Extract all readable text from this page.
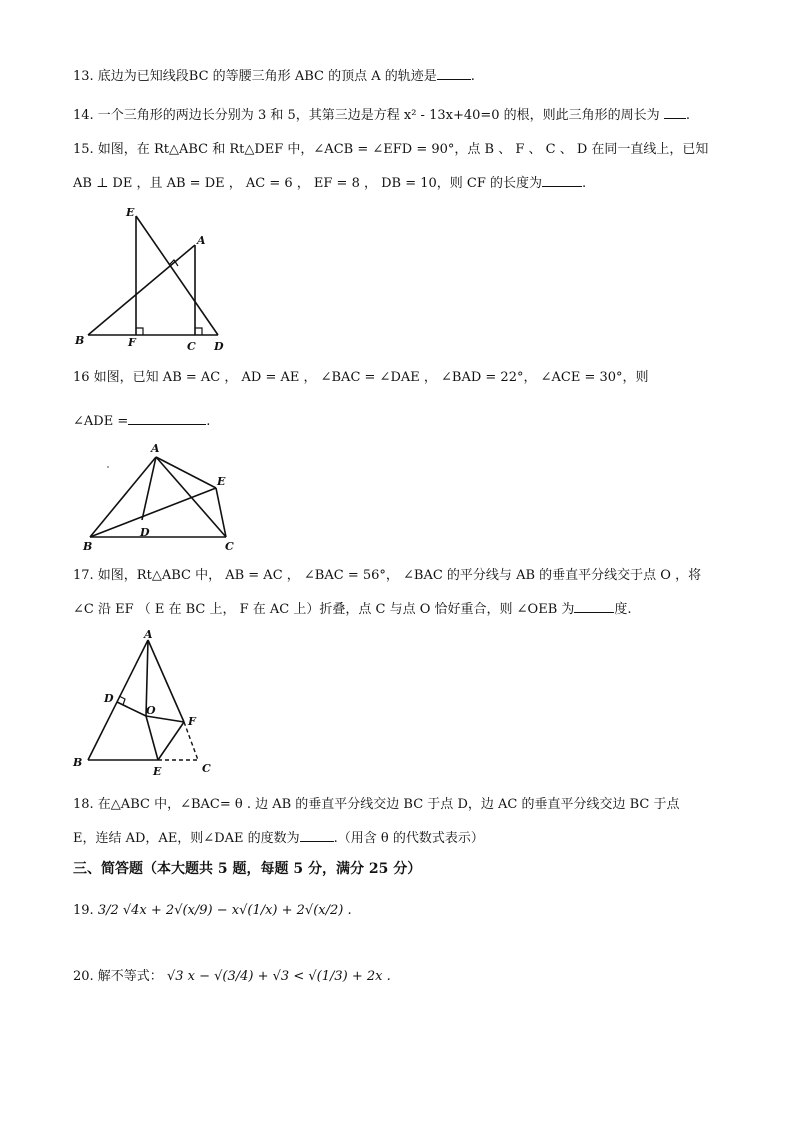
13. 底边为已知线段BC 的等腰三角形 ABC 的顶点 A 的轨迹是	.
14. 一个三角形的两边长分别为 3 和 5，其第三边是方程 x² - 13x+40=0 的根，则此三角形的周长为 .
15. 如图，在 Rt△ABC 和 Rt△DEF 中，∠ACB = ∠EFD = 90°，点 B 、 F 、 C 、 D 在同一直线上，已知
AB ⊥ DE ，且 AB = DE ， AC = 6 ， EF = 8 ， DB = 10，则 CF 的长度为	.
E
A
B	F	C D
16 如图，已知 AB = AC ， AD = AE ， ∠BAC = ∠DAE ， ∠BAD = 22°， ∠ACE = 30°，则
∠ADE =	.
A
E
D
B	C
17. 如图，Rt△ABC 中， AB = AC ， ∠BAC = 56°， ∠BAC 的平分线与 AB 的垂直平分线交于点 O ，将
∠C 沿 EF （ E 在 BC 上， F 在 AC 上）折叠，点 C 与点 O 恰好重合，则 ∠OEB 为	度.
A
D
O
F
B
E	C
18. 在△ABC 中，∠BAC= θ . 边 AB 的垂直平分线交边 BC 于点 D，边 AC 的垂直平分线交边 BC 于点
E，连结 AD，AE，则∠DAE 的度数为	.（用含 θ 的代数式表示）
三、简答题（本大题共 5 题，每题 5 分，满分 25 分）
19. 3/2 √4x + 2√(x/9) − x√(1/x) + 2√(x/2) .
20. 解不等式： √3 x − √(3/4) + √3 < √(1/3) + 2x .
